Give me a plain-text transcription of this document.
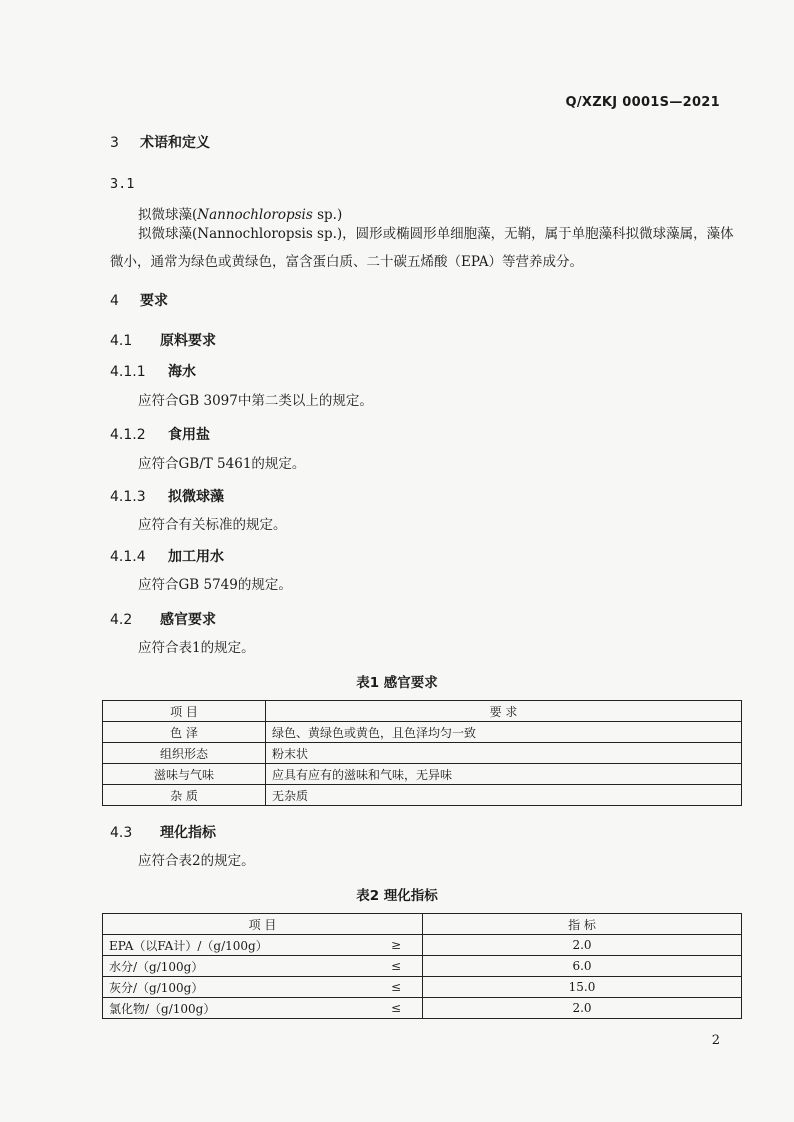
Q/XZKJ 0001S—2021
3 术语和定义
3.1
拟微球藻(Nannochloropsis sp.)
拟微球藻(Nannochloropsis sp.)，圆形或椭圆形单细胞藻，无鞘，属于单胞藻科拟微球藻属，藻体微小，通常为绿色或黄绿色，富含蛋白质、二十碳五烯酸（EPA）等营养成分。
4 要求
4.1 原料要求
4.1.1 海水
应符合GB 3097中第二类以上的规定。
4.1.2 食用盐
应符合GB/T 5461的规定。
4.1.3 拟微球藻
应符合有关标准的规定。
4.1.4 加工用水
应符合GB 5749的规定。
4.2 感官要求
应符合表1的规定。
表1 感官要求
项 目	要 求
色 泽	绿色、黄绿色或黄色，且色泽均匀一致
组织形态	粉末状
滋味与气味	应具有应有的滋味和气味，无异味
杂 质	无杂质
4.3 理化指标
应符合表2的规定。
表2 理化指标
项 目		指 标
EPA（以FA计）/（g/100g）	≥	2.0
水分/（g/100g）	≤	6.0
灰分/（g/100g）	≤	15.0
氯化物/（g/100g）	≤	2.0
2
